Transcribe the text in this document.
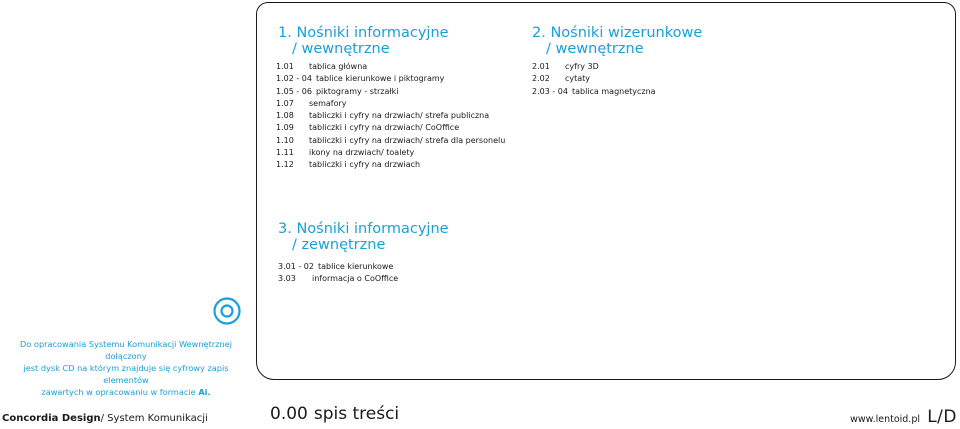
1. Nośniki informacyjne
/ wewnętrzne
1.01	tablica główna
1.02 - 04 tablice kierunkowe i piktogramy
1.05 - 06 piktogramy - strzałki
1.07	semafory
1.08	tabliczki i cyfry na drzwiach/ strefa publiczna
1.09	tabliczki i cyfry na drzwiach/ CoOffice
1.10	tabliczki i cyfry na drzwiach/ strefa dla personelu
1.11	ikony na drzwiach/ toalety
1.12	tabliczki i cyfry na drzwiach
2. Nośniki wizerunkowe
/ wewnętrzne
2.01	cyfry 3D
2.02	cytaty
2.03 - 04 tablica magnetyczna
3. Nośniki informacyjne
/ zewnętrzne
3.01 - 02 tablice kierunkowe
3.03	informacja o CoOffice
Do opracowania Systemu Komunikacji Wewnętrznej dołączony
jest dysk CD na którym znajduje się cyfrowy zapis elementów
zawartych w opracowaniu w formacie Ai.
Concordia Design/ System Komunikacji	0.00 spis treści	www.lentoid.pl L/D
